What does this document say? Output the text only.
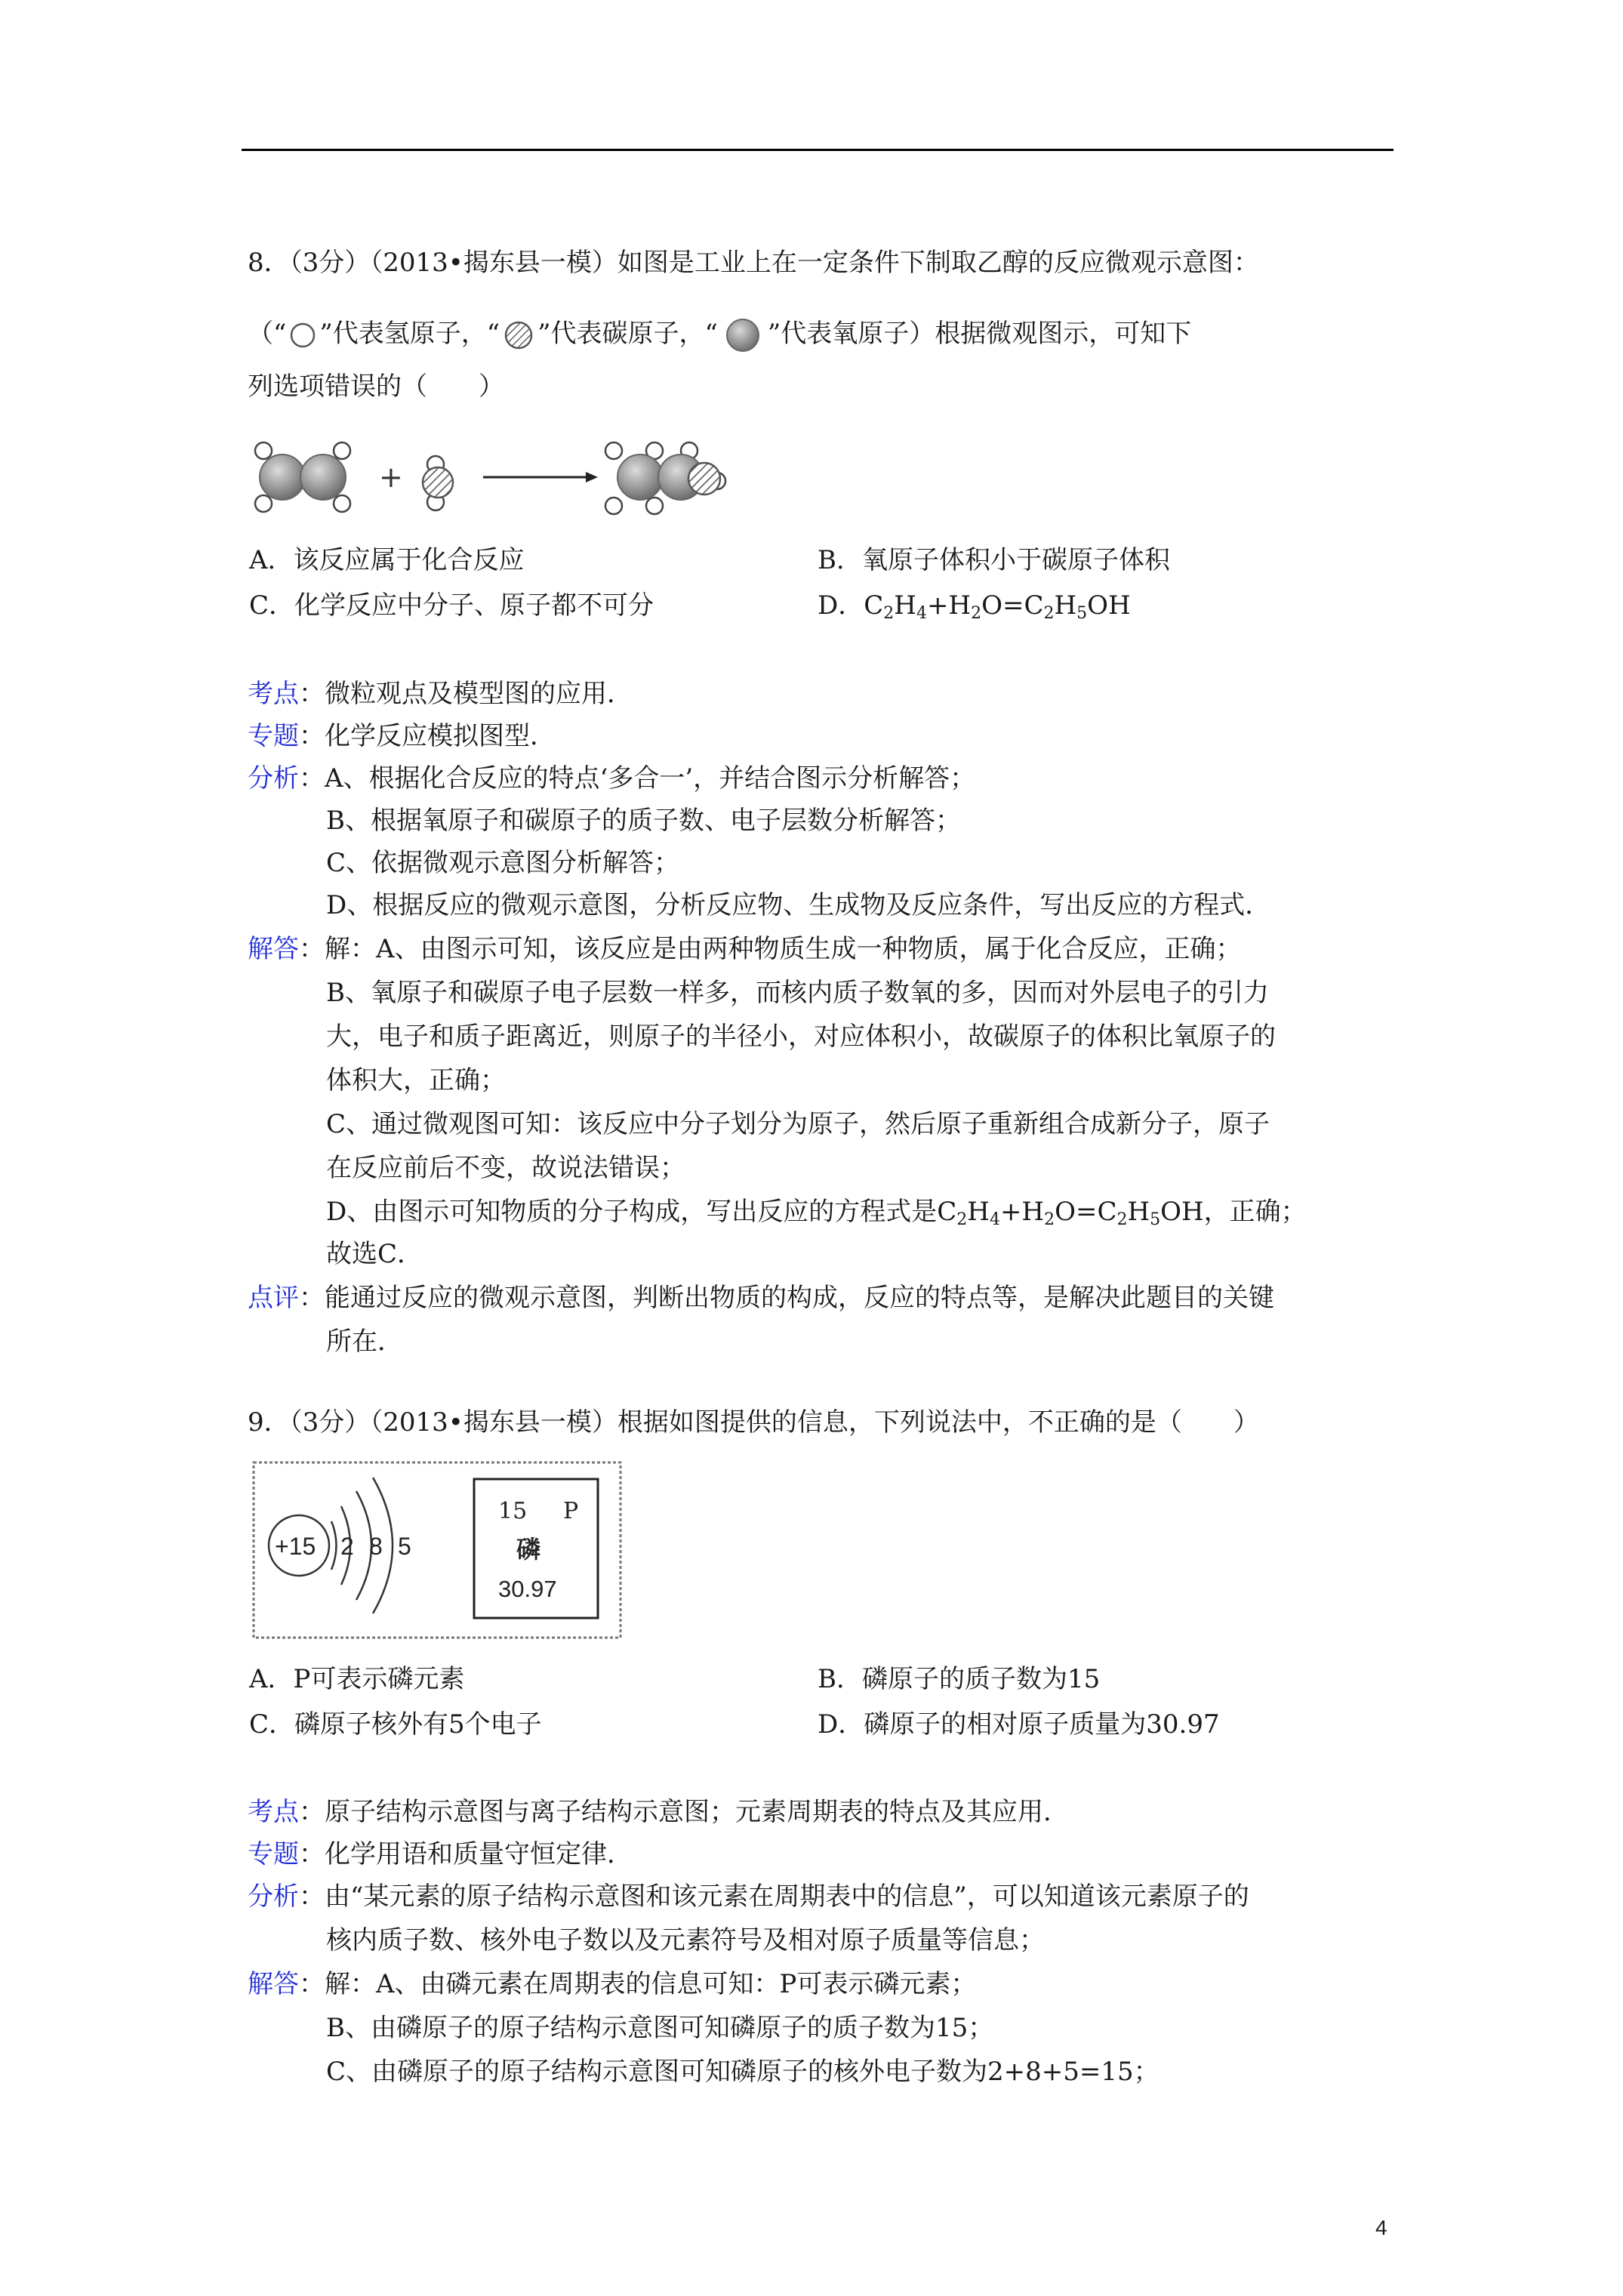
8．（3分）（2013•揭东县一模）如图是工业上在一定条件下制取乙醇的反应微观示意图：
（“ ”代表氢原子，“ ”代表碳原子，“ ”代表氧原子）根据微观图示，可知下
列选项错误的（　　）
+
A．该反应属于化合反应	B．氧原子体积小于碳原子体积
C．化学反应中分子、原子都不可分	D．$C_2H_4+H_2O=C_2H_5OH$
考点：微粒观点及模型图的应用．
专题：化学反应模拟图型．
分析：A、根据化合反应的特点‘多合一’，并结合图示分析解答；
B、根据氧原子和碳原子的质子数、电子层数分析解答；
C、依据微观示意图分析解答；
D、根据反应的微观示意图，分析反应物、生成物及反应条件，写出反应的方程式．
解答：解：A、由图示可知，该反应是由两种物质生成一种物质，属于化合反应，正确；
B、氧原子和碳原子电子层数一样多，而核内质子数氧的多，因而对外层电子的引力
大，电子和质子距离近，则原子的半径小，对应体积小，故碳原子的体积比氧原子的
体积大，正确；
C、通过微观图可知：该反应中分子划分为原子，然后原子重新组合成新分子，原子
在反应前后不变，故说法错误；
D、由图示可知物质的分子构成，写出反应的方程式是$C_2H_4+H_2O=C_2H_5OH$，正确；
故选C．
点评：能通过反应的微观示意图，判断出物质的构成，反应的特点等，是解决此题目的关键
所在．
9．（3分）（2013•揭东县一模）根据如图提供的信息，下列说法中，不正确的是（　　）
+15 2 8 5
15 P
磷
30.97
A．P可表示磷元素	B．磷原子的质子数为15
C．磷原子核外有5个电子	D．磷原子的相对原子质量为30.97
考点：原子结构示意图与离子结构示意图；元素周期表的特点及其应用．
专题：化学用语和质量守恒定律．
分析：由“某元素的原子结构示意图和该元素在周期表中的信息”，可以知道该元素原子的
核内质子数、核外电子数以及元素符号及相对原子质量等信息；
解答：解：A、由磷元素在周期表的信息可知：P可表示磷元素；
B、由磷原子的原子结构示意图可知磷原子的质子数为15；
C、由磷原子的原子结构示意图可知磷原子的核外电子数为2+8+5=15；
4
